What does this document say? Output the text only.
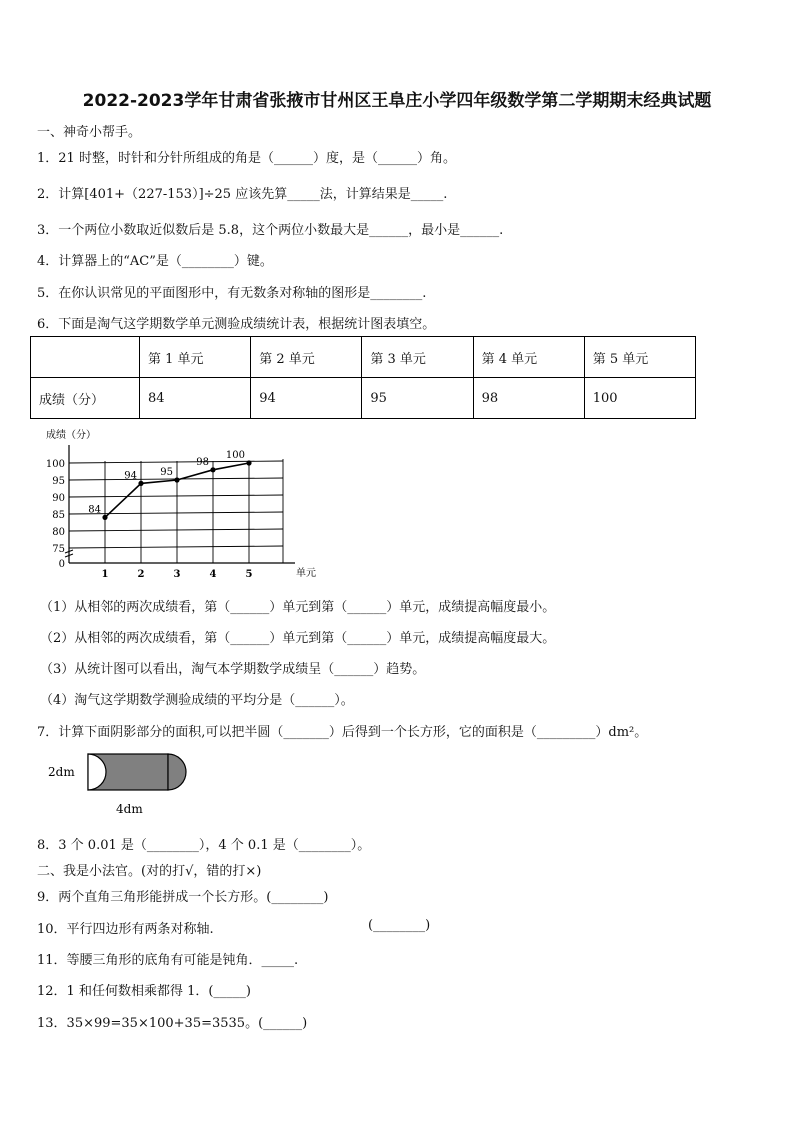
2022-2023学年甘肃省张掖市甘州区王阜庄小学四年级数学第二学期期末经典试题
一、神奇小帮手。
1．21 时整，时针和分针所组成的角是（______）度，是（______）角。
2．计算[401+（227-153）]÷25 应该先算_____法，计算结果是_____.
3．一个两位小数取近似数后是 5.8，这个两位小数最大是______，最小是______.
4．计算器上的“AC”是（________）键。
5．在你认识常见的平面图形中，有无数条对称轴的图形是________.
6．下面是淘气这学期数学单元测验成绩统计表，根据统计图表填空。
	第 1 单元	第 2 单元	第 3 单元	第 4 单元	第 5 单元
成绩（分）	84	94	95	98	100
0
75
80
85
90
95
100
1	2	3	4	5
成绩（分）
单元
84
94 95
98
100
（1）从相邻的两次成绩看，第（______）单元到第（______）单元，成绩提高幅度最小。
（2）从相邻的两次成绩看，第（______）单元到第（______）单元，成绩提高幅度最大。
（3）从统计图可以看出，淘气本学期数学成绩呈（______）趋势。
（4）淘气这学期数学测验成绩的平均分是（______）。
7．计算下面阴影部分的面积,可以把半圆（_______）后得到一个长方形，它的面积是（_________）dm²。
2dm
4dm
8．3 个 0.01 是（________），4 个 0.1 是（________）。
二、我是小法官。(对的打√，错的打×)
9．两个直角三角形能拼成一个长方形。(________)
10．平行四边形有两条对称轴.	(________)
11．等腰三角形的底角有可能是钝角．_____.
12．1 和任何数相乘都得 1．(_____)
13．35×99=35×100+35=3535。(______)
